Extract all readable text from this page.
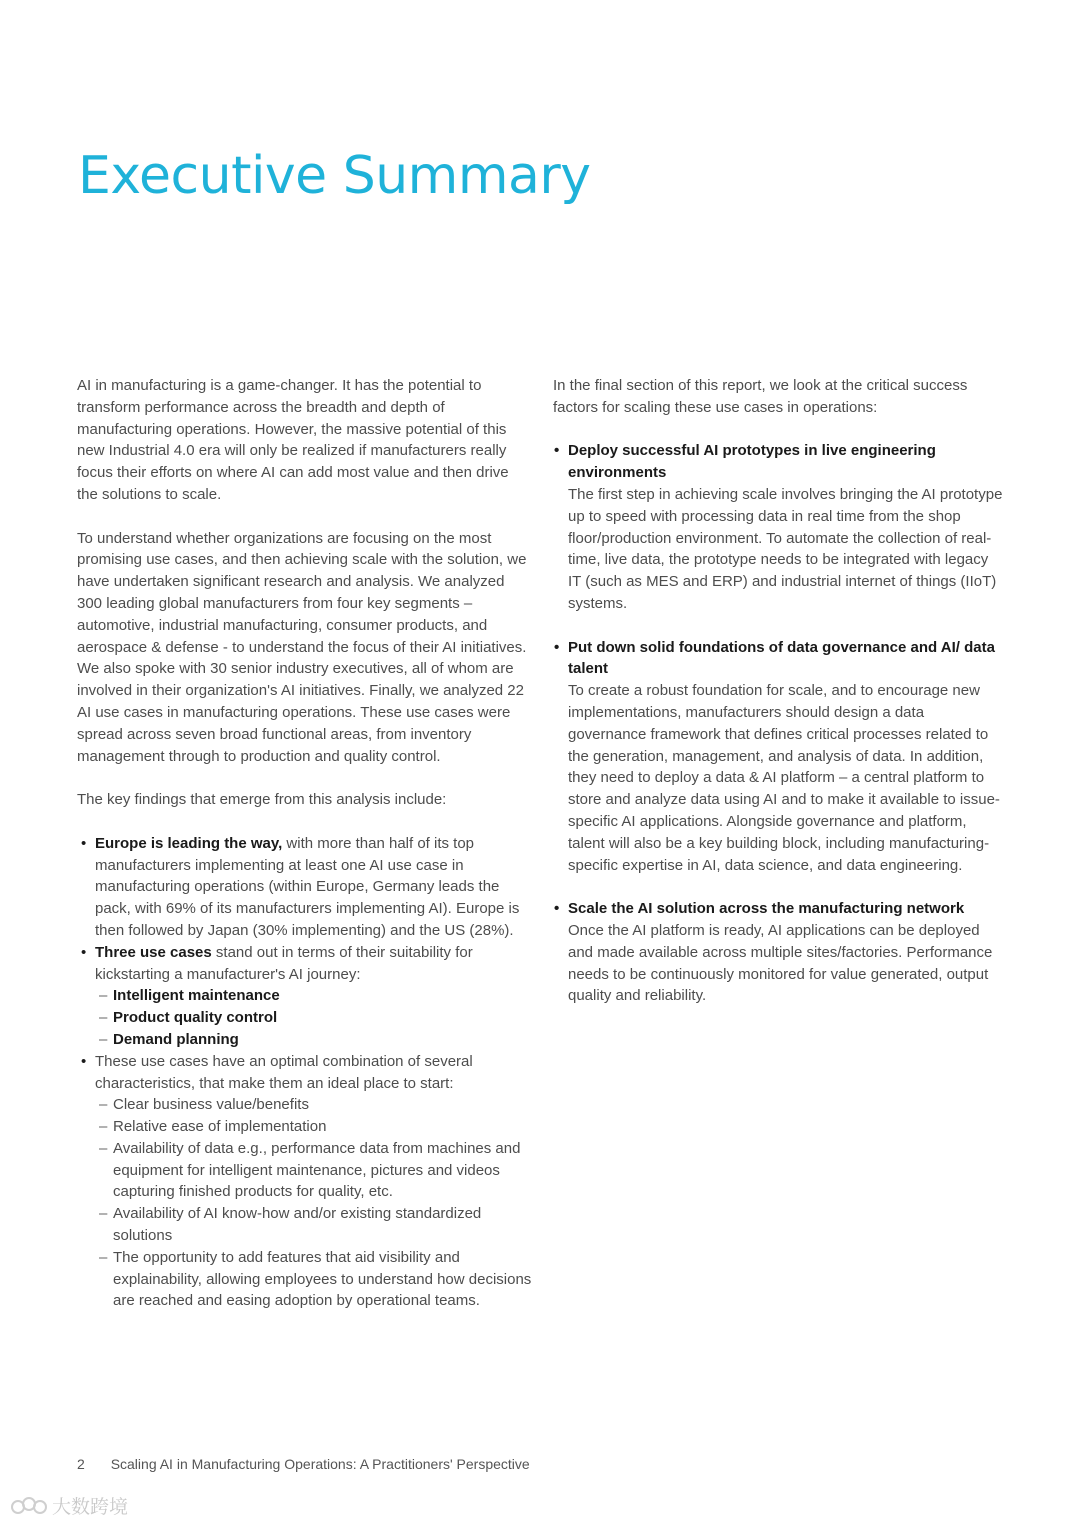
Executive Summary

AI in manufacturing is a game-changer. It has the potential to transform performance across the breadth and depth of manufacturing operations. However, the massive potential of this new Industrial 4.0 era will only be realized if manufacturers really focus their efforts on where AI can add most value and then drive the solutions to scale.

To understand whether organizations are focusing on the most promising use cases, and then achieving scale with the solution, we have undertaken significant research and analysis. We analyzed 300 leading global manufacturers from four key segments – automotive, industrial manufacturing, consumer products, and aerospace & defense - to understand the focus of their AI initiatives. We also spoke with 30 senior industry executives, all of whom are involved in their organization's AI initiatives. Finally, we analyzed 22 AI use cases in manufacturing operations. These use cases were spread across seven broad functional areas, from inventory management through to production and quality control.

The key findings that emerge from this analysis include:

• Europe is leading the way, with more than half of its top manufacturers implementing at least one AI use case in manufacturing operations (within Europe, Germany leads the pack, with 69% of its manufacturers implementing AI). Europe is then followed by Japan (30% implementing) and the US (28%).
• Three use cases stand out in terms of their suitability for kickstarting a manufacturer's AI journey:
– Intelligent maintenance
– Product quality control
– Demand planning
• These use cases have an optimal combination of several characteristics, that make them an ideal place to start:
– Clear business value/benefits
– Relative ease of implementation
– Availability of data e.g., performance data from machines and equipment for intelligent maintenance, pictures and videos capturing finished products for quality, etc.
– Availability of AI know-how and/or existing standardized solutions
– The opportunity to add features that aid visibility and explainability, allowing employees to understand how decisions are reached and easing adoption by operational teams.

In the final section of this report, we look at the critical success factors for scaling these use cases in operations:

• Deploy successful AI prototypes in live engineering environments
The first step in achieving scale involves bringing the AI prototype up to speed with processing data in real time from the shop floor/production environment. To automate the collection of real-time, live data, the prototype needs to be integrated with legacy IT (such as MES and ERP) and industrial internet of things (IIoT) systems.
• Put down solid foundations of data governance and AI/ data talent
To create a robust foundation for scale, and to encourage new implementations, manufacturers should design a data governance framework that defines critical processes related to the generation, management, and analysis of data. In addition, they need to deploy a data & AI platform – a central platform to store and analyze data using AI and to make it available to issue-specific AI applications. Alongside governance and platform, talent will also be a key building block, including manufacturing-specific expertise in AI, data science, and data engineering.
• Scale the AI solution across the manufacturing network
Once the AI platform is ready, AI applications can be deployed and made available across multiple sites/factories. Performance needs to be continuously monitored for value generated, output quality and reliability.
2 Scaling AI in Manufacturing Operations: A Practitioners' Perspective
大数跨境
